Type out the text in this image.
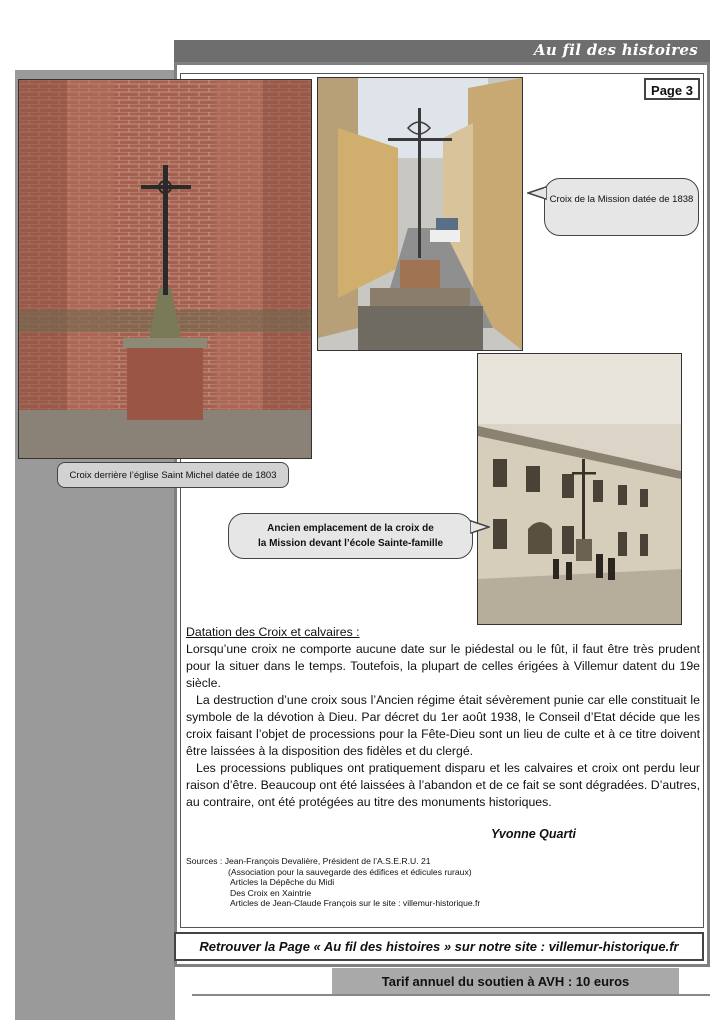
Au fil des histoires
Page 3
Croix derrière l’église Saint Michel datée de 1803
Croix de la Mission datée de 1838
Ancien emplacement de la croix de
la Mission devant l’école Sainte-famille
Datation des Croix et calvaires :

Lorsqu’une croix ne comporte aucune date sur le piédestal ou le fût, il faut être très prudent pour la situer dans le temps. Toutefois, la plupart de celles érigées à Villemur datent du 19e siècle.

La destruction d’une croix sous l’Ancien régime était sévèrement punie car elle constituait le symbole de la dévotion à Dieu. Par décret du 1er août 1938, le Conseil d’Etat décide que les croix faisant l’objet de processions pour la Fête-Dieu sont un lieu de culte et à ce titre doivent être laissées à la disposition des fidèles et du clergé.

Les processions publiques ont pratiquement disparu et les calvaires et croix ont perdu leur raison d’être. Beaucoup ont été laissées à l’abandon et de ce fait se sont dégradées. D’autres, au contraire, ont été protégées au titre des monuments historiques.

Yvonne Quarti
Sources : Jean-François Devalière, Président de l’A.S.E.R.U. 21
(Association pour la sauvegarde des édifices et édicules ruraux)
Articles la Dépêche du Midi
Des Croix en Xaintrie
Articles de Jean-Claude François sur le site : villemur-historique.fr
Retrouver la Page « Au fil des histoires » sur notre site : villemur-historique.fr
Tarif annuel du soutien à AVH : 10 euros
